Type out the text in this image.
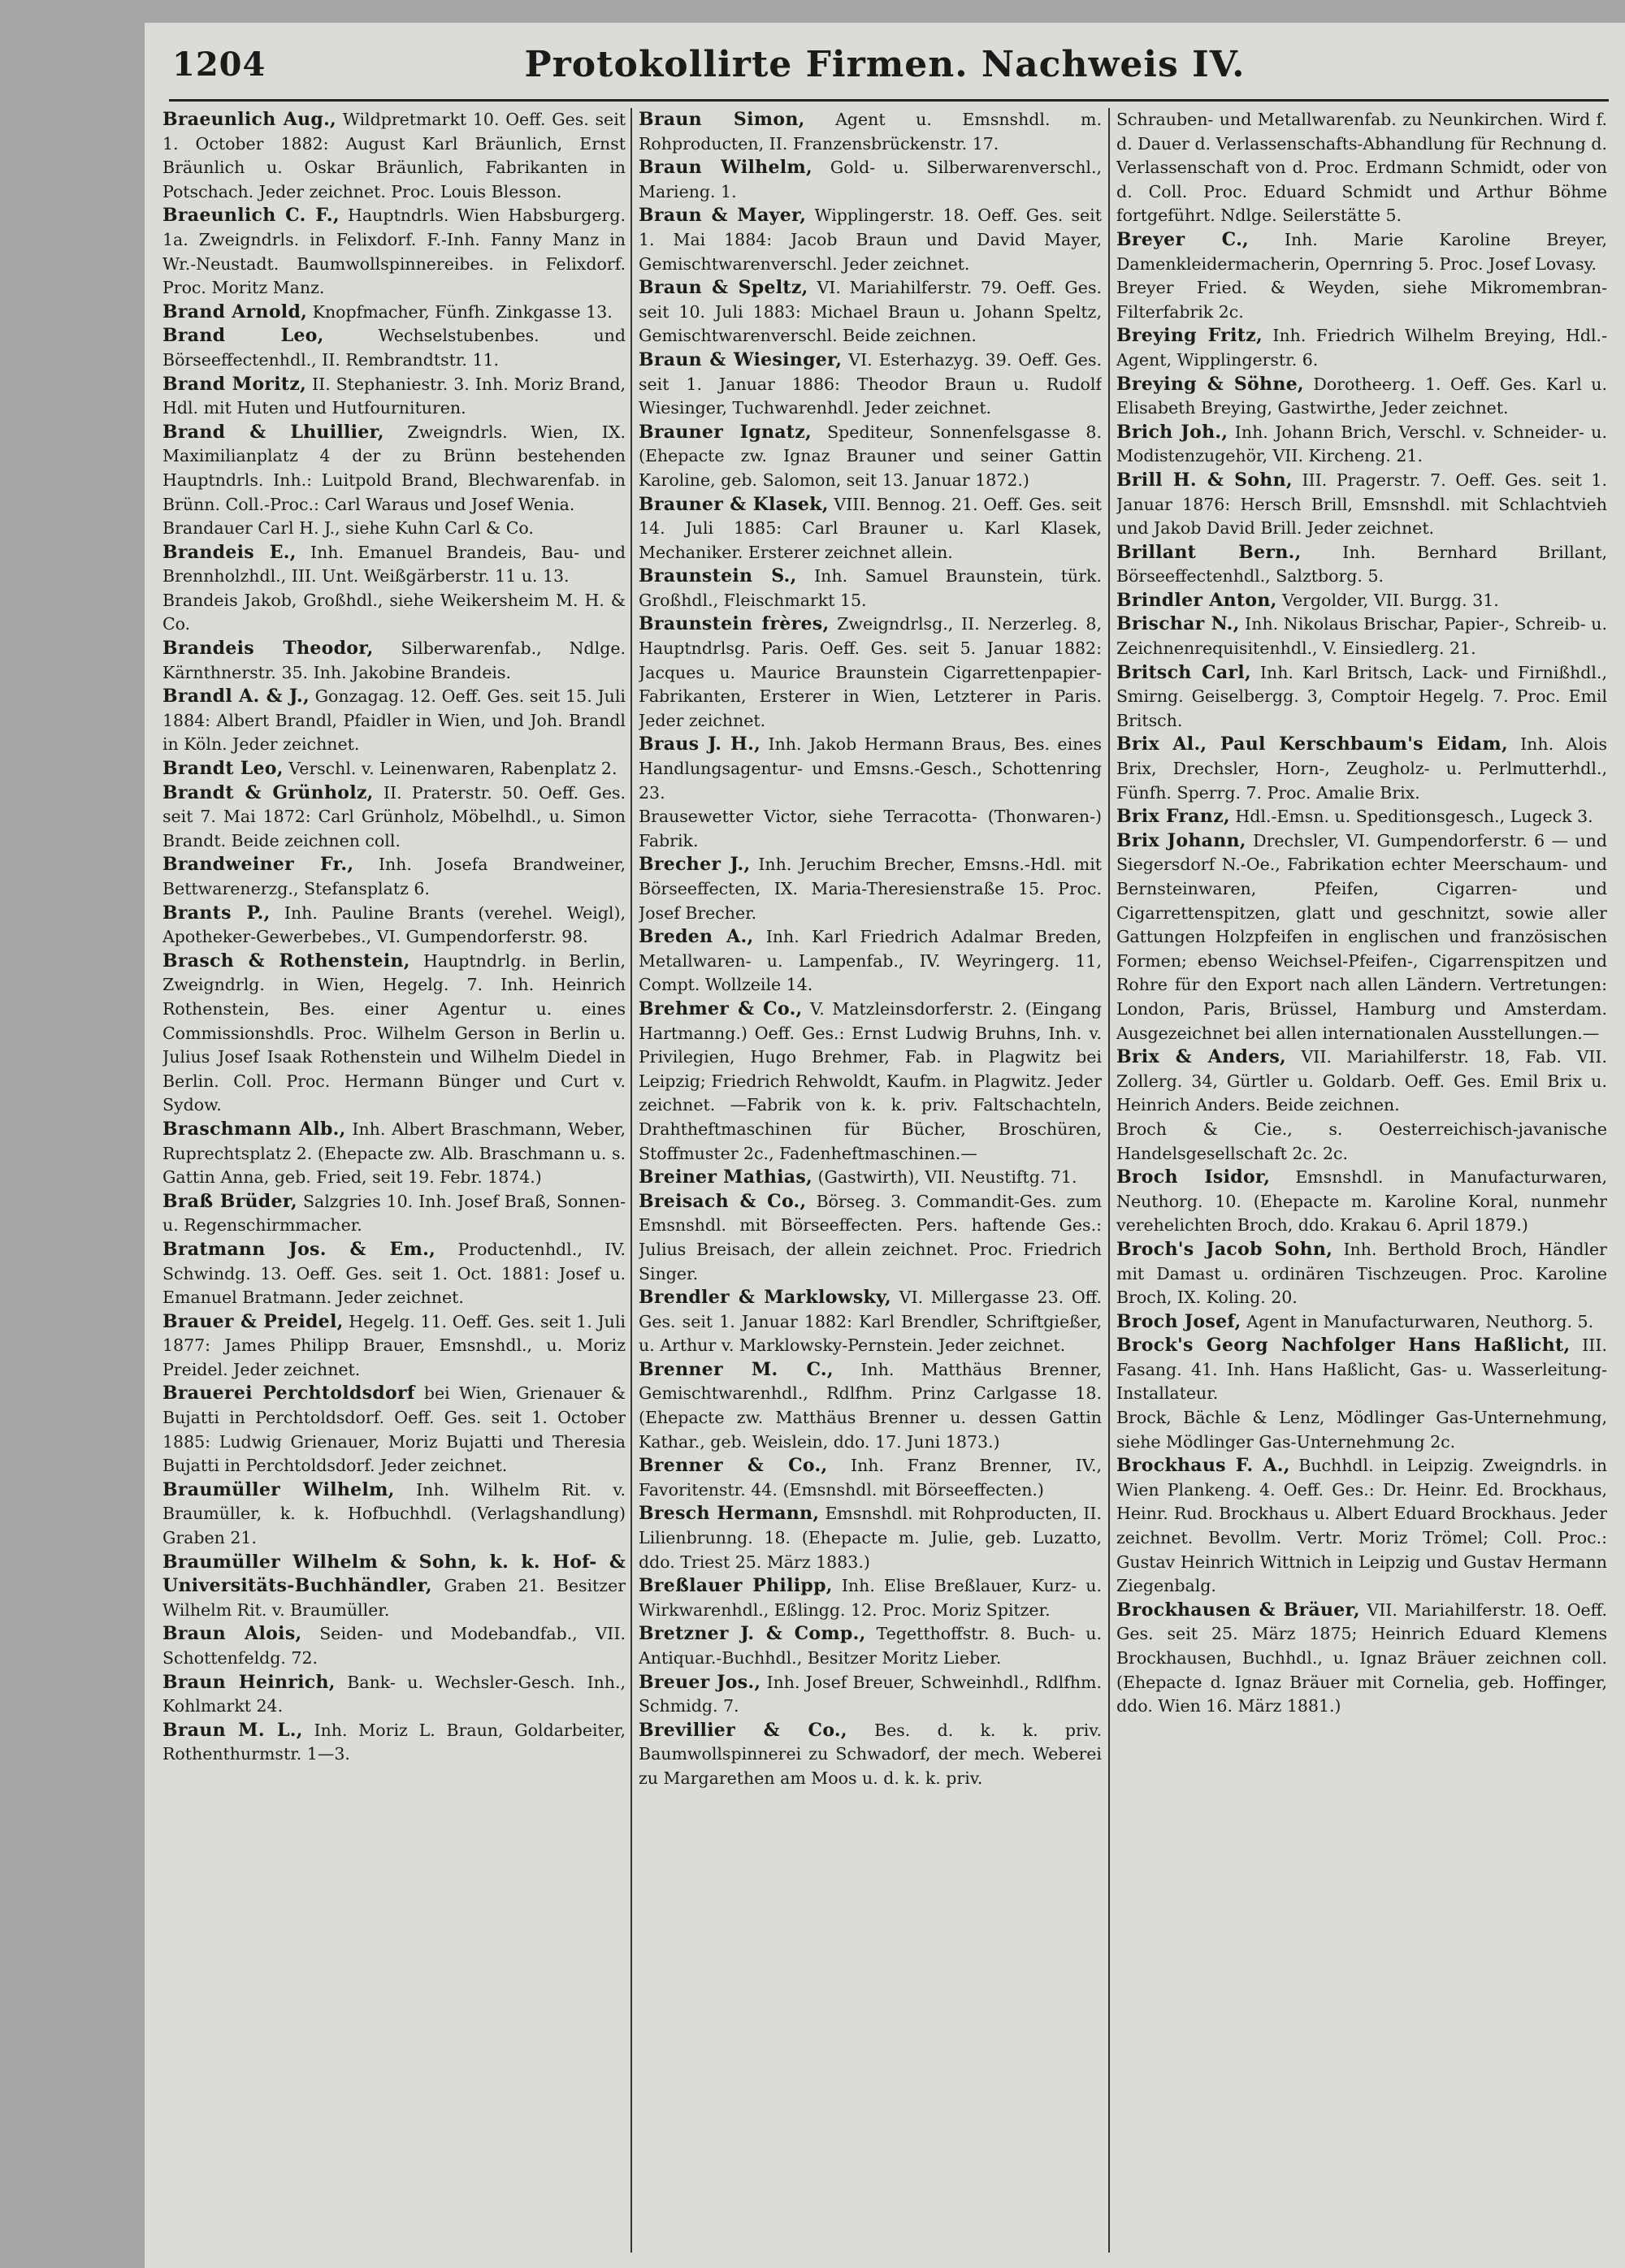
1204	Protokollirte Firmen. Nachweis IV.

Braeunlich Aug., Wildpretmarkt 10. Oeff. Ges. seit 1. October 1882: August Karl Bräunlich, Ernst Bräunlich u. Oskar Bräunlich, Fabrikanten in Potschach. Jeder zeichnet. Proc. Louis Blesson.

Braeunlich C. F., Hauptndrls. Wien Habsburgerg. 1a. Zweigndrls. in Felixdorf. F.-Inh. Fanny Manz in Wr.-Neustadt. Baumwollspinnereibes. in Felixdorf. Proc. Moritz Manz.

Brand Arnold, Knopfmacher, Fünfh. Zinkgasse 13.

Brand Leo,	Wechselstubenbes. und Börseeffectenhdl., II. Rembrandtstr. 11.

Brand Moritz, II. Stephaniestr. 3. Inh. Moriz Brand, Hdl. mit Huten und Hutfournituren.

Brand & Lhuillier, Zweigndrls. Wien, IX. Maximilianplatz 4 der zu Brünn bestehenden Hauptndrls. Inh.: Luitpold Brand, Blechwarenfab. in Brünn. Coll.-Proc.: Carl Waraus und Josef Wenia.

Brandauer Carl H. J., siehe Kuhn Carl & Co.

Brandeis E., Inh. Emanuel Brandeis, Bau- und Brennholzhdl., III. Unt. Weißgärberstr. 11 u. 13.

Brandeis Jakob, Großhdl., siehe Weikersheim M. H. & Co.

Brandeis Theodor, Silberwarenfab., Ndlge. Kärnthnerstr. 35. Inh. Jakobine Brandeis.

Brandl A. & J., Gonzagag. 12. Oeff. Ges. seit 15. Juli 1884: Albert Brandl, Pfaidler in Wien, und Joh. Brandl in Köln. Jeder zeichnet.

Brandt Leo, Verschl. v. Leinenwaren, Rabenplatz 2.

Brandt & Grünholz, II. Praterstr. 50. Oeff. Ges. seit 7. Mai 1872: Carl Grünholz, Möbelhdl., u. Simon Brandt. Beide zeichnen coll.

Brandweiner Fr., Inh. Josefa Brandweiner, Bettwarenerzg., Stefansplatz 6.

Brants P., Inh. Pauline Brants (verehel. Weigl), Apotheker-Gewerbebes., VI. Gumpendorferstr. 98.

Brasch & Rothenstein, Hauptndrlg. in Berlin, Zweigndrlg. in Wien, Hegelg. 7. Inh. Heinrich Rothenstein, Bes. einer Agentur u. eines Commissionshdls. Proc. Wilhelm Gerson in Berlin u. Julius Josef Isaak Rothenstein und Wilhelm Diedel in Berlin. Coll. Proc. Hermann Bünger und Curt v. Sydow.

Braschmann Alb., Inh. Albert Braschmann, Weber, Ruprechtsplatz 2. (Ehepacte zw. Alb. Braschmann u. s. Gattin Anna, geb. Fried, seit 19. Febr. 1874.)

Braß Brüder, Salzgries 10. Inh. Josef Braß, Sonnen- u. Regenschirmmacher.

Bratmann Jos. & Em., Productenhdl., IV. Schwindg. 13. Oeff. Ges. seit 1. Oct. 1881: Josef u. Emanuel Bratmann. Jeder zeichnet.

Brauer & Preidel, Hegelg. 11. Oeff. Ges. seit 1. Juli 1877: James Philipp Brauer, Emsnshdl., u. Moriz Preidel. Jeder zeichnet.

Brauerei Perchtoldsdorf bei Wien, Grienauer & Bujatti in Perchtoldsdorf. Oeff. Ges. seit 1. October 1885: Ludwig Grienauer, Moriz Bujatti und Theresia Bujatti in Perchtoldsdorf. Jeder zeichnet.

Braumüller Wilhelm, Inh. Wilhelm Rit. v. Braumüller, k. k. Hofbuchhdl. (Verlagshandlung) Graben 21.

Braumüller Wilhelm & Sohn, k. k. Hof- & Universitäts-Buchhändler, Graben 21. Besitzer Wilhelm Rit. v. Braumüller.

Braun Alois, Seiden- und Modebandfab., VII. Schottenfeldg. 72.

Braun Heinrich, Bank- u. Wechsler-Gesch. Inh., Kohlmarkt 24.

Braun M. L., Inh. Moriz L. Braun, Goldarbeiter, Rothenthurmstr. 1—3.

Braun Simon, Agent u. Emsnshdl. m. Rohproducten, II. Franzensbrückenstr. 17.

Braun Wilhelm, Gold- u. Silberwarenverschl., Marieng. 1.

Braun & Mayer, Wipplingerstr. 18. Oeff. Ges. seit 1. Mai 1884: Jacob Braun und David Mayer, Gemischtwarenverschl. Jeder zeichnet.

Braun & Speltz, VI. Mariahilferstr. 79. Oeff. Ges. seit 10. Juli 1883: Michael Braun u. Johann Speltz, Gemischtwarenverschl. Beide zeichnen.

Braun & Wiesinger, VI. Esterhazyg. 39. Oeff. Ges. seit 1. Januar 1886: Theodor Braun u. Rudolf Wiesinger, Tuchwarenhdl. Jeder zeichnet.

Brauner Ignatz, Spediteur, Sonnenfelsgasse 8. (Ehepacte zw. Ignaz Brauner und seiner Gattin Karoline, geb. Salomon, seit 13. Januar 1872.)

Brauner & Klasek, VIII. Bennog. 21. Oeff. Ges. seit 14. Juli 1885: Carl Brauner u. Karl Klasek, Mechaniker. Ersterer zeichnet allein.

Braunstein S., Inh. Samuel Braunstein, türk. Großhdl., Fleischmarkt 15.

Braunstein frères, Zweigndrlsg., II. Nerzerleg. 8, Hauptndrlsg. Paris. Oeff. Ges. seit 5. Januar 1882: Jacques u. Maurice Braunstein Cigarrettenpapier-Fabrikanten, Ersterer in Wien, Letzterer in Paris. Jeder zeichnet.

Braus J. H., Inh. Jakob Hermann Braus, Bes. eines Handlungsagentur- und Emsns.-Gesch., Schottenring 23.

Brausewetter Victor, siehe Terracotta- (Thonwaren-) Fabrik.

Brecher J., Inh. Jeruchim Brecher, Emsns.-Hdl. mit Börseeffecten, IX. Maria-Theresienstraße 15. Proc. Josef Brecher.

Breden A., Inh. Karl Friedrich Adalmar Breden, Metallwaren- u. Lampenfab., IV. Weyringerg. 11, Compt. Wollzeile 14.

Brehmer & Co., V. Matzleinsdorferstr. 2. (Eingang Hartmanng.) Oeff. Ges.: Ernst Ludwig Bruhns, Inh. v. Privilegien, Hugo Brehmer, Fab. in Plagwitz bei Leipzig; Friedrich Rehwoldt, Kaufm. in Plagwitz. Jeder zeichnet. —Fabrik von k. k. priv. Faltschachteln, Drahtheftmaschinen für Bücher, Broschüren, Stoffmuster 2c., Fadenheftmaschinen.—

Breiner Mathias, (Gastwirth), VII. Neustiftg. 71.

Breisach & Co., Börseg. 3. Commandit-Ges. zum Emsnshdl. mit Börseeffecten. Pers. haftende Ges.: Julius Breisach, der allein zeichnet. Proc. Friedrich Singer.

Brendler & Marklowsky, VI. Millergasse 23. Off. Ges. seit 1. Januar 1882: Karl Brendler, Schriftgießer, u. Arthur v. Marklowsky-Pernstein. Jeder zeichnet.

Brenner M. C., Inh. Matthäus Brenner, Gemischtwarenhdl., Rdlfhm. Prinz Carlgasse 18. (Ehepacte zw. Matthäus Brenner u. dessen Gattin Kathar., geb. Weislein, ddo. 17. Juni 1873.)

Brenner & Co., Inh. Franz Brenner, IV., Favoritenstr. 44. (Emsnshdl. mit Börseeffecten.)

Bresch Hermann, Emsnshdl. mit Rohproducten, II. Lilienbrunng. 18. (Ehepacte m. Julie, geb. Luzatto, ddo. Triest 25. März 1883.)

Breßlauer Philipp, Inh. Elise Breßlauer, Kurz- u. Wirkwarenhdl., Eßlingg. 12. Proc. Moriz Spitzer.

Bretzner J. & Comp., Tegetthoffstr. 8. Buch- u. Antiquar.-Buchhdl., Besitzer Moritz Lieber.

Breuer Jos., Inh. Josef Breuer, Schweinhdl., Rdlfhm. Schmidg. 7.

Brevillier & Co., Bes. d. k. k. priv. Baumwollspinnerei zu Schwadorf, der mech. Weberei zu Margarethen am Moos u. d. k. k. priv.

Schrauben- und Metallwarenfab. zu Neunkirchen. Wird f. d. Dauer d. Verlassenschafts-Abhandlung für Rechnung d. Verlassenschaft von d. Proc. Erdmann Schmidt, oder von d. Coll. Proc. Eduard Schmidt und Arthur Böhme fortgeführt. Ndlge. Seilerstätte 5.

Breyer C., Inh. Marie Karoline Breyer, Damenkleidermacherin, Opernring 5. Proc. Josef Lovasy.

Breyer Fried. & Weyden, siehe Mikromembran-Filterfabrik 2c.

Breying Fritz, Inh. Friedrich Wilhelm Breying, Hdl.-Agent, Wipplingerstr. 6.

Breying & Söhne, Dorotheerg. 1. Oeff. Ges. Karl u. Elisabeth Breying, Gastwirthe, Jeder zeichnet.

Brich Joh., Inh. Johann Brich, Verschl. v. Schneider- u. Modistenzugehör, VII. Kircheng. 21.

Brill H. & Sohn, III. Pragerstr. 7. Oeff. Ges. seit 1. Januar 1876: Hersch Brill, Emsnshdl. mit Schlachtvieh und Jakob David Brill. Jeder zeichnet.

Brillant Bern., Inh. Bernhard Brillant, Börseeffectenhdl., Salztborg. 5.

Brindler Anton, Vergolder, VII. Burgg. 31.

Brischar N., Inh. Nikolaus Brischar, Papier-, Schreib- u. Zeichnenrequisitenhdl., V. Einsiedlerg. 21.

Britsch Carl, Inh. Karl Britsch, Lack- und Firnißhdl., Smirng. Geiselbergg. 3, Comptoir Hegelg. 7. Proc. Emil Britsch.

Brix Al., Paul Kerschbaum's Eidam, Inh. Alois Brix, Drechsler, Horn-, Zeugholz- u. Perlmutterhdl., Fünfh. Sperrg. 7. Proc. Amalie Brix.

Brix Franz, Hdl.-Emsn. u. Speditionsgesch., Lugeck 3.

Brix Johann, Drechsler, VI. Gumpendorferstr. 6 — und Siegersdorf N.-Oe., Fabrikation echter Meerschaum- und Bernsteinwaren, Pfeifen, Cigarren- und Cigarrettenspitzen, glatt und geschnitzt, sowie aller Gattungen Holzpfeifen in englischen und französischen Formen; ebenso Weichsel-Pfeifen-, Cigarrenspitzen und Rohre für den Export nach allen Ländern. Vertretungen: London, Paris, Brüssel, Hamburg und Amsterdam. Ausgezeichnet bei allen internationalen Ausstellungen.—

Brix & Anders, VII. Mariahilferstr. 18, Fab. VII. Zollerg. 34, Gürtler u. Goldarb. Oeff. Ges. Emil Brix u. Heinrich Anders. Beide zeichnen.

Broch & Cie., s. Oesterreichisch-javanische Handelsgesellschaft 2c. 2c.

Broch Isidor, Emsnshdl. in Manufacturwaren, Neuthorg. 10. (Ehepacte m. Karoline Koral, nunmehr verehelichten Broch, ddo. Krakau 6. April 1879.)

Broch's Jacob Sohn, Inh. Berthold Broch, Händler mit Damast u. ordinären Tischzeugen. Proc. Karoline Broch, IX. Koling. 20.

Broch Josef, Agent in Manufacturwaren, Neuthorg. 5.

Brock's Georg Nachfolger Hans Haßlicht, III. Fasang. 41. Inh. Hans Haßlicht, Gas- u. Wasserleitung-Installateur.

Brock, Bächle & Lenz, Mödlinger Gas-Unternehmung, siehe Mödlinger Gas-Unternehmung 2c.

Brockhaus F. A., Buchhdl. in Leipzig. Zweigndrls. in Wien Plankeng. 4. Oeff. Ges.: Dr. Heinr. Ed. Brockhaus, Heinr. Rud. Brockhaus u. Albert Eduard Brockhaus. Jeder zeichnet. Bevollm. Vertr. Moriz Trömel; Coll. Proc.: Gustav Heinrich Wittnich in Leipzig und Gustav Hermann Ziegenbalg.

Brockhausen & Bräuer, VII. Mariahilferstr. 18. Oeff. Ges. seit 25. März 1875; Heinrich Eduard Klemens Brockhausen, Buchhdl., u. Ignaz Bräuer zeichnen coll. (Ehepacte d. Ignaz Bräuer mit Cornelia, geb. Hoffinger, ddo. Wien 16. März 1881.)
